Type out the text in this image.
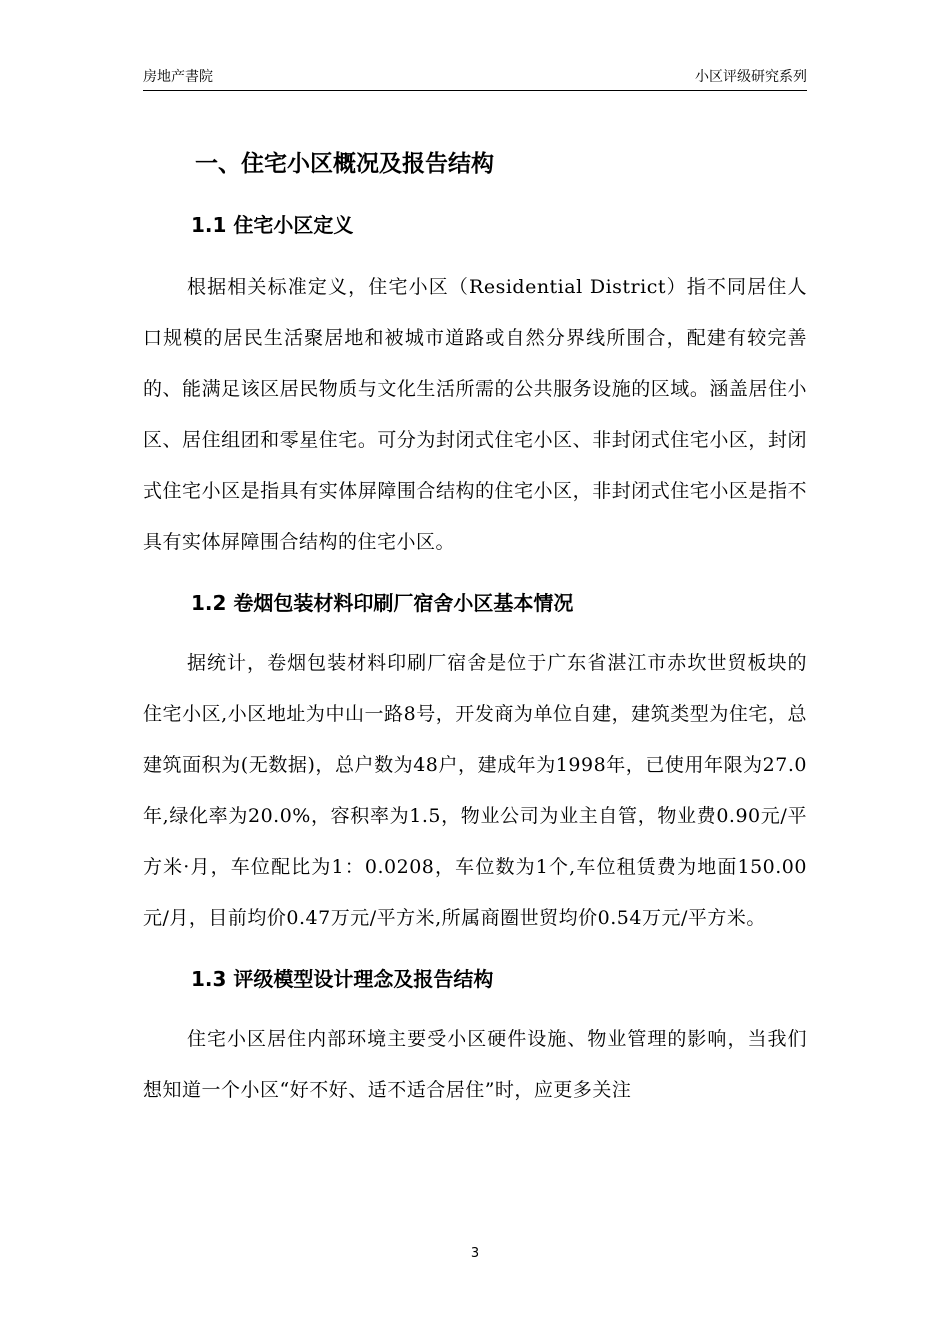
房地产書院	小区评级研究系列
一、住宅小区概况及报告结构
1.1 住宅小区定义

根据相关标准定义，住宅小区（Residential District）指不同居住人口规模的居民生活聚居地和被城市道路或自然分界线所围合，配建有较完善的、能满足该区居民物质与文化生活所需的公共服务设施的区域。涵盖居住小区、居住组团和零星住宅。可分为封闭式住宅小区、非封闭式住宅小区，封闭式住宅小区是指具有实体屏障围合结构的住宅小区，非封闭式住宅小区是指不具有实体屏障围合结构的住宅小区。

1.2 卷烟包装材料印刷厂宿舍小区基本情况

据统计，卷烟包装材料印刷厂宿舍是位于广东省湛江市赤坎世贸板块的住宅小区,小区地址为中山一路8号，开发商为单位自建，建筑类型为住宅，总建筑面积为(无数据)，总户数为48户，建成年为1998年，已使用年限为27.0年,绿化率为20.0%，容积率为1.5，物业公司为业主自管，物业费0.90元/平方米·月，车位配比为1：0.0208，车位数为1个,车位租赁费为地面150.00元/月，目前均价0.47万元/平方米,所属商圈世贸均价0.54万元/平方米。

1.3 评级模型设计理念及报告结构

住宅小区居住内部环境主要受小区硬件设施、物业管理的影响，当我们想知道一个小区“好不好、适不适合居住”时，应更多关注

3
